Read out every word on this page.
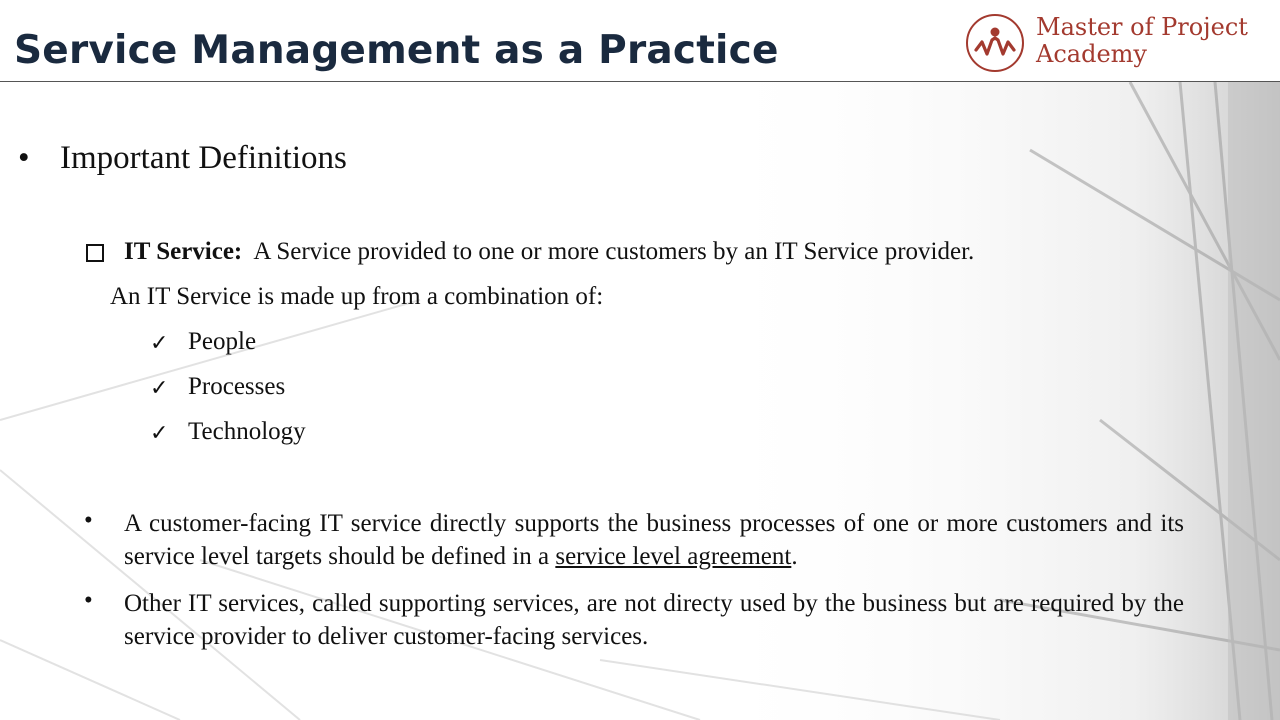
Service Management as a Practice
Master of Project
Academy
• Important Definitions
IT Service: A Service provided to one or more customers by an IT Service provider.
An IT Service is made up from a combination of:
✓ People
✓ Processes
✓ Technology
• A customer-facing IT service directly supports the business processes of one or more customers and its service level targets should be defined in a service level agreement.
• Other IT services, called supporting services, are not directy used by the business but are required by the service provider to deliver customer-facing services.
